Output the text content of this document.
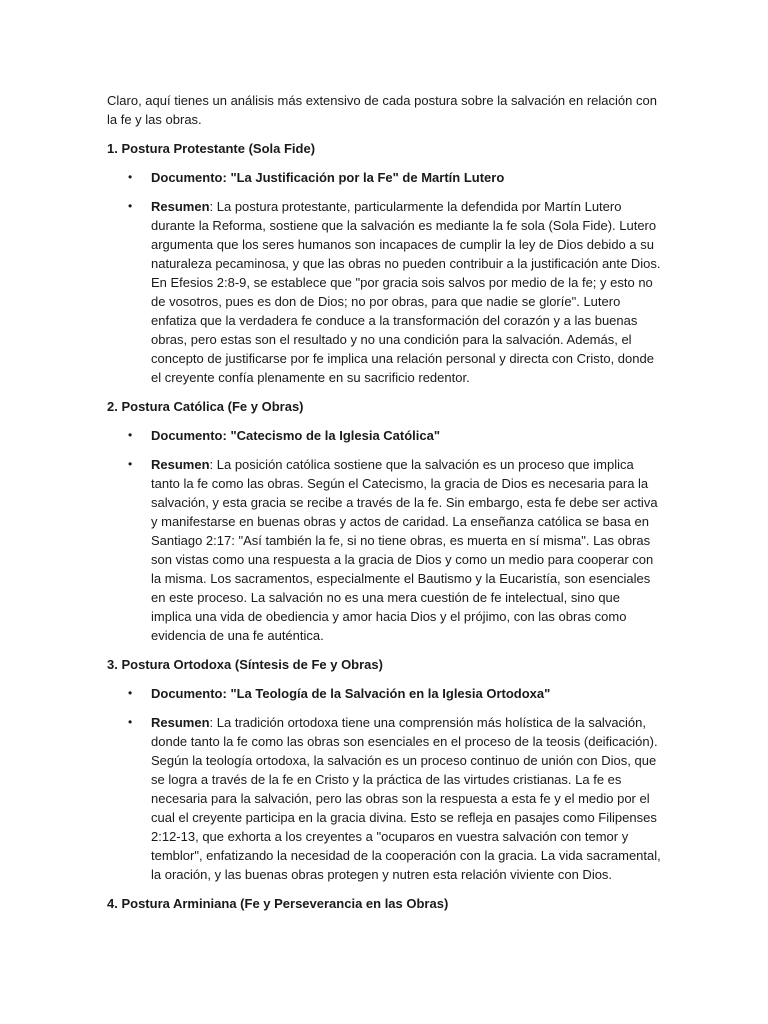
Claro, aquí tienes un análisis más extensivo de cada postura sobre la salvación en relación con la fe y las obras.

1. Postura Protestante (Sola Fide)

• Documento: "La Justificación por la Fe" de Martín Lutero
• Resumen: La postura protestante, particularmente la defendida por Martín Lutero durante la Reforma, sostiene que la salvación es mediante la fe sola (Sola Fide). Lutero argumenta que los seres humanos son incapaces de cumplir la ley de Dios debido a su naturaleza pecaminosa, y que las obras no pueden contribuir a la justificación ante Dios. En Efesios 2:8-9, se establece que "por gracia sois salvos por medio de la fe; y esto no de vosotros, pues es don de Dios; no por obras, para que nadie se gloríe". Lutero enfatiza que la verdadera fe conduce a la transformación del corazón y a las buenas obras, pero estas son el resultado y no una condición para la salvación. Además, el concepto de justificarse por fe implica una relación personal y directa con Cristo, donde el creyente confía plenamente en su sacrificio redentor.

2. Postura Católica (Fe y Obras)

• Documento: "Catecismo de la Iglesia Católica"
• Resumen: La posición católica sostiene que la salvación es un proceso que implica tanto la fe como las obras. Según el Catecismo, la gracia de Dios es necesaria para la salvación, y esta gracia se recibe a través de la fe. Sin embargo, esta fe debe ser activa y manifestarse en buenas obras y actos de caridad. La enseñanza católica se basa en Santiago 2:17: "Así también la fe, si no tiene obras, es muerta en sí misma". Las obras son vistas como una respuesta a la gracia de Dios y como un medio para cooperar con la misma. Los sacramentos, especialmente el Bautismo y la Eucaristía, son esenciales en este proceso. La salvación no es una mera cuestión de fe intelectual, sino que implica una vida de obediencia y amor hacia Dios y el prójimo, con las obras como evidencia de una fe auténtica.

3. Postura Ortodoxa (Síntesis de Fe y Obras)

• Documento: "La Teología de la Salvación en la Iglesia Ortodoxa"
• Resumen: La tradición ortodoxa tiene una comprensión más holística de la salvación, donde tanto la fe como las obras son esenciales en el proceso de la teosis (deificación). Según la teología ortodoxa, la salvación es un proceso continuo de unión con Dios, que se logra a través de la fe en Cristo y la práctica de las virtudes cristianas. La fe es necesaria para la salvación, pero las obras son la respuesta a esta fe y el medio por el cual el creyente participa en la gracia divina. Esto se refleja en pasajes como Filipenses 2:12-13, que exhorta a los creyentes a "ocuparos en vuestra salvación con temor y temblor", enfatizando la necesidad de la cooperación con la gracia. La vida sacramental, la oración, y las buenas obras protegen y nutren esta relación viviente con Dios.

4. Postura Arminiana (Fe y Perseverancia en las Obras)
